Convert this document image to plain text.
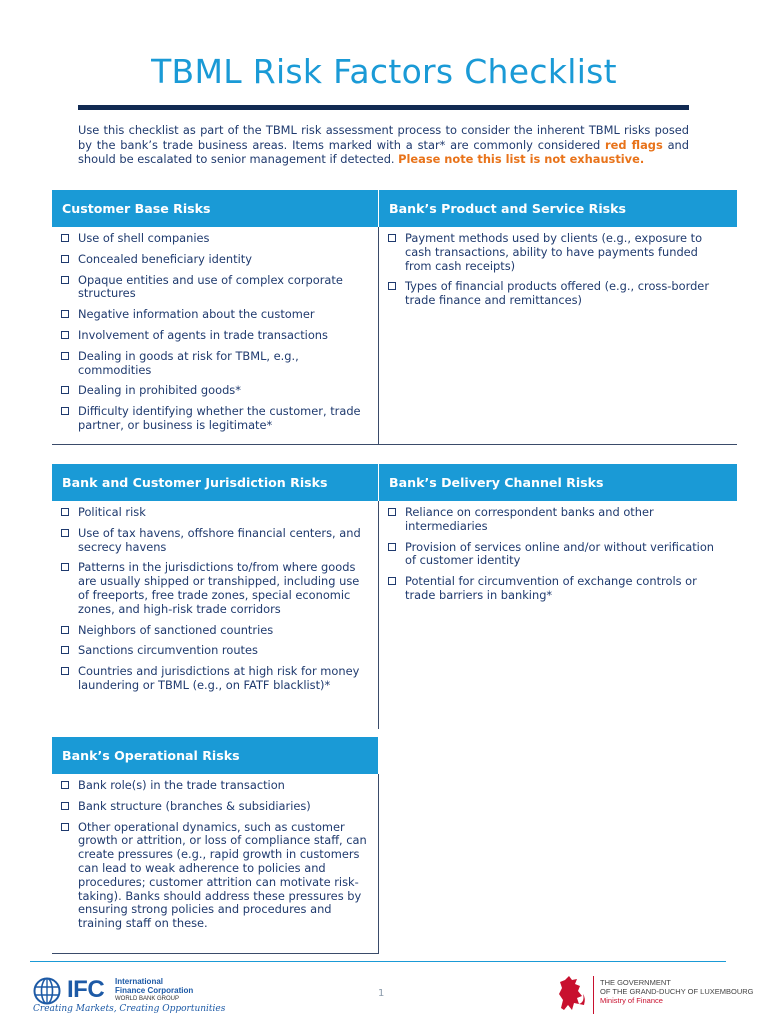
TBML Risk Factors Checklist

Use this checklist as part of the TBML risk assessment process to consider the inherent TBML risks posed by the bank’s trade business areas. Items marked with a star* are commonly considered red flags and should be escalated to senior management if detected. Please note this list is not exhaustive.

Customer Base Risks	Bank’s Product and Service Risks
Use of shell companies
Concealed beneficiary identity
Opaque entities and use of complex corporate structures
Negative information about the customer
Involvement of agents in trade transactions
Dealing in goods at risk for TBML, e.g., commodities
Dealing in prohibited goods*
Difficulty identifying whether the customer, trade partner, or business is legitimate*
Payment methods used by clients (e.g., exposure to cash transactions, ability to have payments funded from cash receipts)
Types of financial products offered (e.g., cross-border trade finance and remittances)
Bank and Customer Jurisdiction Risks	Bank’s Delivery Channel Risks
Political risk
Use of tax havens, offshore financial centers, and secrecy havens
Patterns in the jurisdictions to/from where goods are usually shipped or transhipped, including use of freeports, free trade zones, special economic zones, and high-risk trade corridors
Neighbors of sanctioned countries
Sanctions circumvention routes
Countries and jurisdictions at high risk for money laundering or TBML (e.g., on FATF blacklist)*
Reliance on correspondent banks and other intermediaries
Provision of services online and/or without verification of customer identity
Potential for circumvention of exchange controls or trade barriers in banking*
Bank’s Operational Risks
Bank role(s) in the trade transaction
Bank structure (branches & subsidiaries)
Other operational dynamics, such as customer growth or attrition, or loss of compliance staff, can create pressures (e.g., rapid growth in customers can lead to weak adherence to policies and procedures; customer attrition can motivate risk-taking). Banks should address these pressures by ensuring strong policies and procedures and training staff on these.
IFC International
Finance Corporation
WORLD BANK GROUP
Creating Markets, Creating Opportunities
1
THE GOVERNMENT
OF THE GRAND-DUCHY OF LUXEMBOURG
Ministry of Finance
